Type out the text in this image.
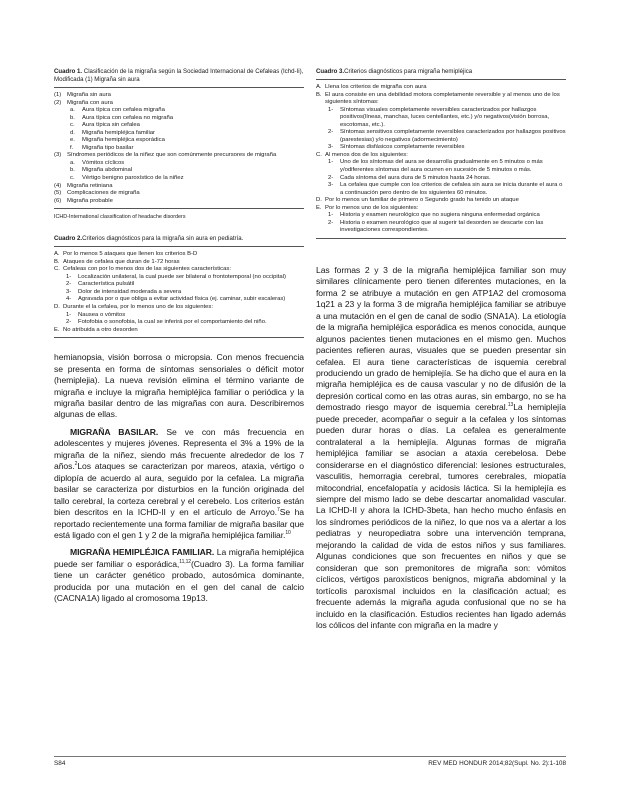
Cuadro 1. Clasificación de la migraña según la Sociedad Internacional de Cefaleas (Ichd-Ii), Modificada (1) Migraña sin aura
(1) Migraña sin aura
(2) Migraña con aura
a.	Aura típica con cefalea migraña
b.	Aura típica con cefalea no migraña
c.	Aura típica sin cefalea
d.	Migraña hemipléjica familiar
e.	Migraña hemipléjica esporádica
f.	Migraña tipo basilar
(3) Síndromes periódicos de la niñez que son comúnmente precursores de migraña
a.	Vómitos cíclicos
b.	Migraña abdominal
c.	Vértigo benigno paroxístico de la niñez
(4) Migraña retiniana
(5) Complicaciones de migraña
(6) Migraña probable
ICHD-International classification of headache disorders
Cuadro 2.Criterios diagnósticos para la migraña sin aura en pediatría.
A. Por lo menos 5 ataques que llenen los criterios B-D
B. Ataques de cefalea que duran de 1-72 horas
C. Cefaleas con por lo menos dos de las siguientes características:
1-	Localización unilateral, la cual puede ser bilateral o frontotemporal (no occipital)
2-	Característica pulsátil
3-	Dolor de intensidad moderada a severa
4-	Agravada por o que obliga a evitar actividad física (ej. caminar, subir escaleras)
D. Durante el la cefalea, por lo menos uno de los siguientes:
1-	Nausea o vómitos
2-	Fotofobia o sonofobia, la cual se inferirá por el comportamiento del niño.
E. No atribuida a otro desorden

hemianopsia, visión borrosa o micropsia. Con menos frecuencia se presenta en forma de síntomas sensoriales o déficit motor (hemiplejia). La nueva revisión elimina el término variante de migraña e incluye la migraña hemipléjica familiar o periódica y la migraña basilar dentro de las migrañas con aura. Describiremos algunas de ellas.

MIGRAÑA BASILAR. Se ve con más frecuencia en adolescentes y mujeres jóvenes. Representa el 3% a 19% de la migraña de la niñez, siendo más frecuente alrededor de los 7 años.$^2$Los ataques se caracterizan por mareos, ataxia, vértigo o diplopía de acuerdo al aura, seguido por la cefalea. La migraña basilar se caracteriza por disturbios en la función originada del tallo cerebral, la corteza cerebral y el cerebelo. Los criterios están bien descritos en la ICHD-II y en el artículo de Arroyo.$^7$Se ha reportado recientemente una forma familiar de migraña basilar que está ligado con el gen 1 y 2 de la migraña hemipléjica familiar.$^{10}$

MIGRAÑA HEMIPLÉJICA FAMILIAR. La migraña hemipléjica puede ser familiar o esporádica,$^{11,12}$(Cuadro 3). La forma familiar tiene un carácter genético probado, autosómica dominante, producida por una mutación en el gen del canal de calcio (CACNA1A) ligado al cromosoma 19p13.

Cuadro 3.Criterios diagnósticos para migraña hemipléjica
A. Llena los criterios de migraña con aura
B. El aura consiste en una debilidad motora completamente reversible y al menos uno de los siguientes síntomas:
1-	Síntomas visuales completamente reversibles caracterizados por hallazgos positivos(líneas, manchas, luces centellantes, etc.) y/o negativos(visión borrosa, escotomas, etc.).
2-	Síntomas sensitivos completamente reversibles caracterizados por hallazgos positivos (parestesias) y/o negativos (adormecimiento)
3-	Síntomas disfásicos completamente reversibles
C. Al menos dos de los siguientes:
1-	Uno de los síntomas del aura se desarrolla gradualmente en 5 minutos o más y/odiferentes síntomas del aura ocurren en sucesión de 5 minutos o más.
2-	Cada síntoma del aura dura de 5 minutos hasta 24 horas.
3-	La cefalea que cumple con los criterios de cefalea sin aura se inicia durante el aura o a continuación pero dentro de los siguientes 60 minutos.
D. Por lo menos un familiar de primero o Segundo grado ha tenido un ataque
E. Por lo menos uno de los siguientes:
1-	Historia y examen neurológico que no sugiera ninguna enfermedad orgánica
2-	Historia o examen neurológico que al sugerir tal desorden se descarte con las investigaciones correspondientes.

Las formas 2 y 3 de la migraña hemipléjica familiar son muy similares clínicamente pero tienen diferentes mutaciones, en la forma 2 se atribuye a mutación en gen ATP1A2 del cromosoma 1q21 a 23 y la forma 3 de migraña hemipléjica familiar se atribuye a una mutación en el gen de canal de sodio (SNA1A). La etiología de la migraña hemipléjica esporádica es menos conocida, aunque algunos pacientes tienen mutaciones en el mismo gen. Muchos pacientes refieren auras, visuales que se pueden presentar sin cefalea. El aura tiene características de isquemia cerebral produciendo un grado de hemiplejía. Se ha dicho que el aura en la migraña hemipléjica es de causa vascular y no de difusión de la depresión cortical como en las otras auras, sin embargo, no se ha demostrado riesgo mayor de isquemia cerebral.$^{13}$La hemiplejía puede preceder, acompañar o seguir a la cefalea y los síntomas pueden durar horas o días. La cefalea es generalmente contralateral a la hemiplejía. Algunas formas de migraña hemipléjica familiar se asocian a ataxia cerebelosa. Debe considerarse en el diagnóstico diferencial: lesiones estructurales, vasculitis, hemorragia cerebral, tumores cerebrales, miopatía mitocondrial, encefalopatía y acidosis láctica. Si la hemiplejía es siempre del mismo lado se debe descartar anomalidad vascular. La ICHD-II y ahora la ICHD-3beta, han hecho mucho énfasis en los síndromes periódicos de la niñez, lo que nos va a alertar a los pediatras y neuropediatra sobre una intervención temprana, mejorando la calidad de vida de estos niños y sus familiares. Algunas condiciones que son frecuentes en niños y que se consideran que son premonitores de migraña son: vómitos cíclicos, vértigos paroxísticos benignos, migraña abdominal y la tortícolis paroxismal incluidos en la clasificación actual; es frecuente además la migraña aguda confusional que no se ha incluido en la clasificación. Estudios recientes han ligado además los cólicos del infante con migraña en la madre y

S84	REV MED HONDUR 2014;82(Supl. No. 2):1-108
